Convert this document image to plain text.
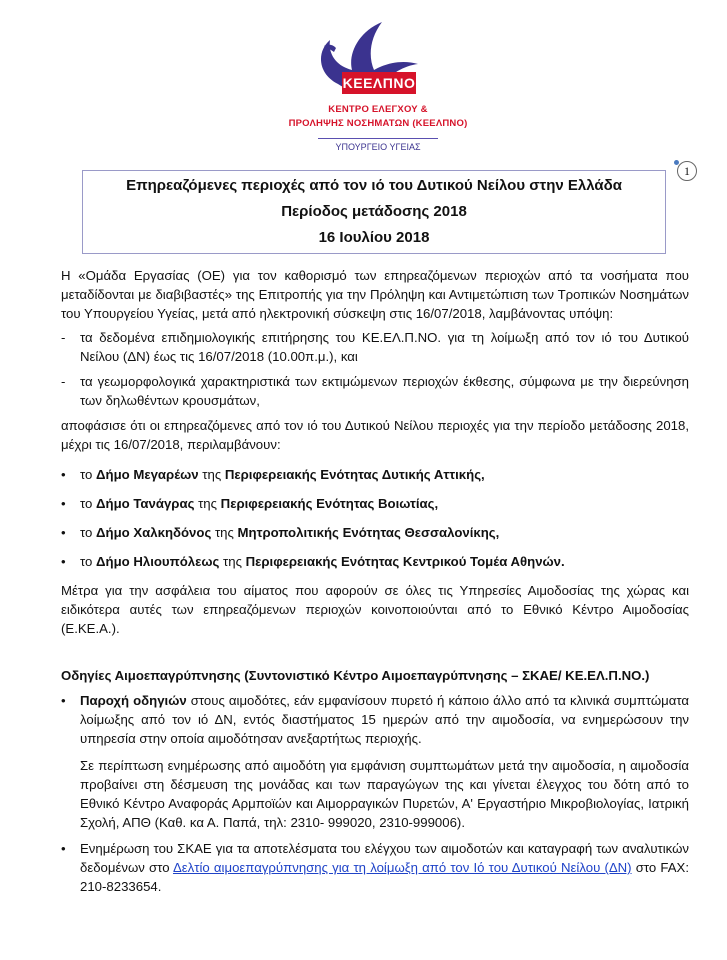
ΚΕΕΛΠΝΟ
ΚΕΝΤΡΟ ΕΛΕΓΧΟΥ &
ΠΡΟΛΗΨΗΣ ΝΟΣΗΜΑΤΩΝ (ΚΕΕΛΠΝΟ)
ΥΠΟΥΡΓΕΙΟ ΥΓΕΙΑΣ
1
Επηρεαζόμενες περιοχές από τον ιό του Δυτικού Νείλου στην Ελλάδα
Περίοδος μετάδοσης 2018
16 Ιουλίου 2018

Η «Ομάδα Εργασίας (ΟΕ) για τον καθορισμό των επηρεαζόμενων περιοχών από τα νοσήματα που μεταδίδονται με διαβιβαστές» της Επιτροπής για την Πρόληψη και Αντιμετώπιση των Τροπικών Νοσημάτων του Υπουργείου Υγείας, μετά από ηλεκτρονική σύσκεψη στις 16/07/2018, λαμβάνοντας υπόψη:

- τα δεδομένα επιδημιολογικής επιτήρησης του ΚΕ.ΕΛ.Π.ΝΟ. για τη λοίμωξη από τον ιό του Δυτικού Νείλου (ΔΝ) έως τις 16/07/2018 (10.00π.μ.), και

- τα γεωμορφολογικά χαρακτηριστικά των εκτιμώμενων περιοχών έκθεσης, σύμφωνα με την διερεύνηση των δηλωθέντων κρουσμάτων,

αποφάσισε ότι οι επηρεαζόμενες από τον ιό του Δυτικού Νείλου περιοχές για την περίοδο μετάδοσης 2018, μέχρι τις 16/07/2018, περιλαμβάνουν:

• το Δήμο Μεγαρέων της Περιφερειακής Ενότητας Δυτικής Αττικής,
• το Δήμο Τανάγρας της Περιφερειακής Ενότητας Βοιωτίας,
• το Δήμο Χαλκηδόνος της Μητροπολιτικής Ενότητας Θεσσαλονίκης,
• το Δήμο Ηλιουπόλεως της Περιφερειακής Ενότητας Κεντρικού Τομέα Αθηνών.

Μέτρα για την ασφάλεια του αίματος που αφορούν σε όλες τις Υπηρεσίες Αιμοδοσίας της χώρας και ειδικότερα αυτές των επηρεαζόμενων περιοχών κοινοποιούνται από το Εθνικό Κέντρο Αιμοδοσίας (Ε.ΚΕ.Α.).

Οδηγίες Αιμοεπαγρύπνησης (Συντονιστικό Κέντρο Αιμοεπαγρύπνησης – ΣΚΑΕ/ ΚΕ.ΕΛ.Π.ΝΟ.)
• Παροχή οδηγιών στους αιμοδότες, εάν εμφανίσουν πυρετό ή κάποιο άλλο από τα κλινικά συμπτώματα λοίμωξης από τον ιό ΔΝ, εντός διαστήματος 15 ημερών από την αιμοδοσία, να ενημερώσουν την υπηρεσία στην οποία αιμοδότησαν ανεξαρτήτως περιοχής.

Σε περίπτωση ενημέρωσης από αιμοδότη για εμφάνιση συμπτωμάτων μετά την αιμοδοσία, η αιμοδοσία προβαίνει στη δέσμευση της μονάδας και των παραγώγων της και γίνεται έλεγχος του δότη από το Εθνικό Κέντρο Αναφοράς Αρμποϊών και Αιμορραγικών Πυρετών, Α' Εργαστήριο Μικροβιολογίας, Ιατρική Σχολή, ΑΠΘ (Καθ. κα Α. Παπά, τηλ: 2310- 999020, 2310-999006).

• Ενημέρωση του ΣΚΑΕ για τα αποτελέσματα του ελέγχου των αιμοδοτών και καταγραφή των αναλυτικών δεδομένων στο Δελτίο αιμοεπαγρύπνησης για τη λοίμωξη από τον Ιό του Δυτικού Νείλου (ΔΝ) στο FAX: 210-8233654.
